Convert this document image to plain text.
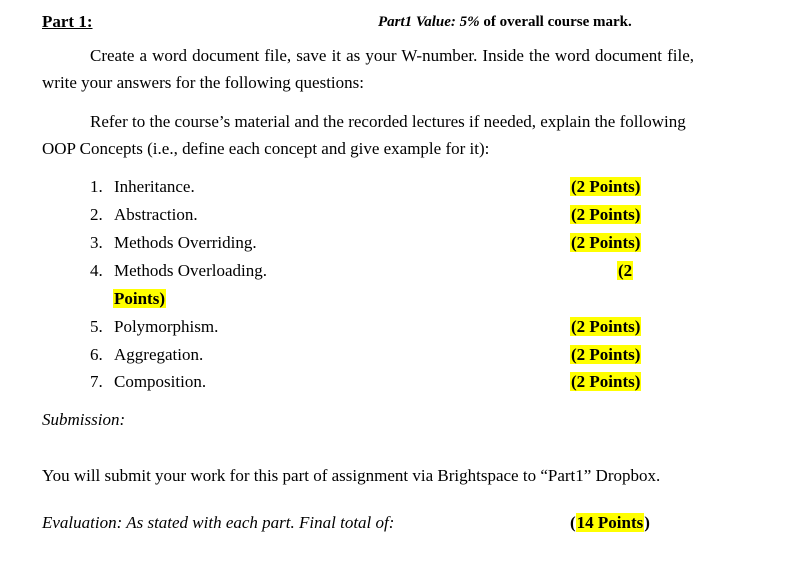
Part 1:	Part1 Value: 5% of overall course mark.

Create a word document file, save it as your W-number. Inside the word document file, write your answers for the following questions:

Refer to the course’s material and the recorded lectures if needed, explain the following OOP Concepts (i.e., define each concept and give example for it):

1. Inheritance.	(2 Points)
2. Abstraction.	(2 Points)
3. Methods Overriding.	(2 Points)
4. Methods Overloading.	(2
Points)
5. Polymorphism.	(2 Points)
6. Aggregation.	(2 Points)
7. Composition.	(2 Points)
Submission:

You will submit your work for this part of assignment via Brightspace to “Part1” Dropbox.

Evaluation: As stated with each part. Final total of:	(14 Points)
